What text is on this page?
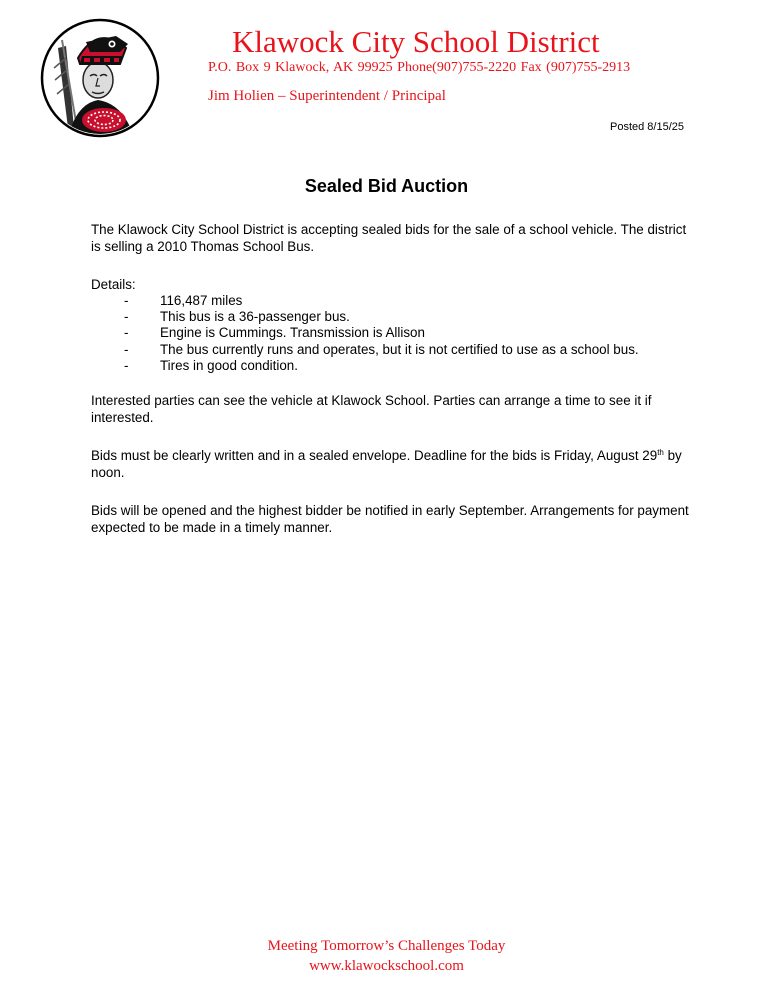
Klawock City School District
P.O. Box 9 Klawock, AK 99925 Phone(907)755-2220 Fax (907)755-2913
Jim Holien – Superintendent / Principal
Posted 8/15/25
Sealed Bid Auction
The Klawock City School District is accepting sealed bids for the sale of a school vehicle. The district is selling a 2010 Thomas School Bus.
Details:
- 116,487 miles
- This bus is a 36-passenger bus.
- Engine is Cummings. Transmission is Allison
- The bus currently runs and operates, but it is not certified to use as a school bus.
- Tires in good condition.
Interested parties can see the vehicle at Klawock School. Parties can arrange a time to see it if interested.
Bids must be clearly written and in a sealed envelope. Deadline for the bids is Friday, August 29th by noon.
Bids will be opened and the highest bidder be notified in early September. Arrangements for payment expected to be made in a timely manner.
Meeting Tomorrow’s Challenges Today
www.klawockschool.com
